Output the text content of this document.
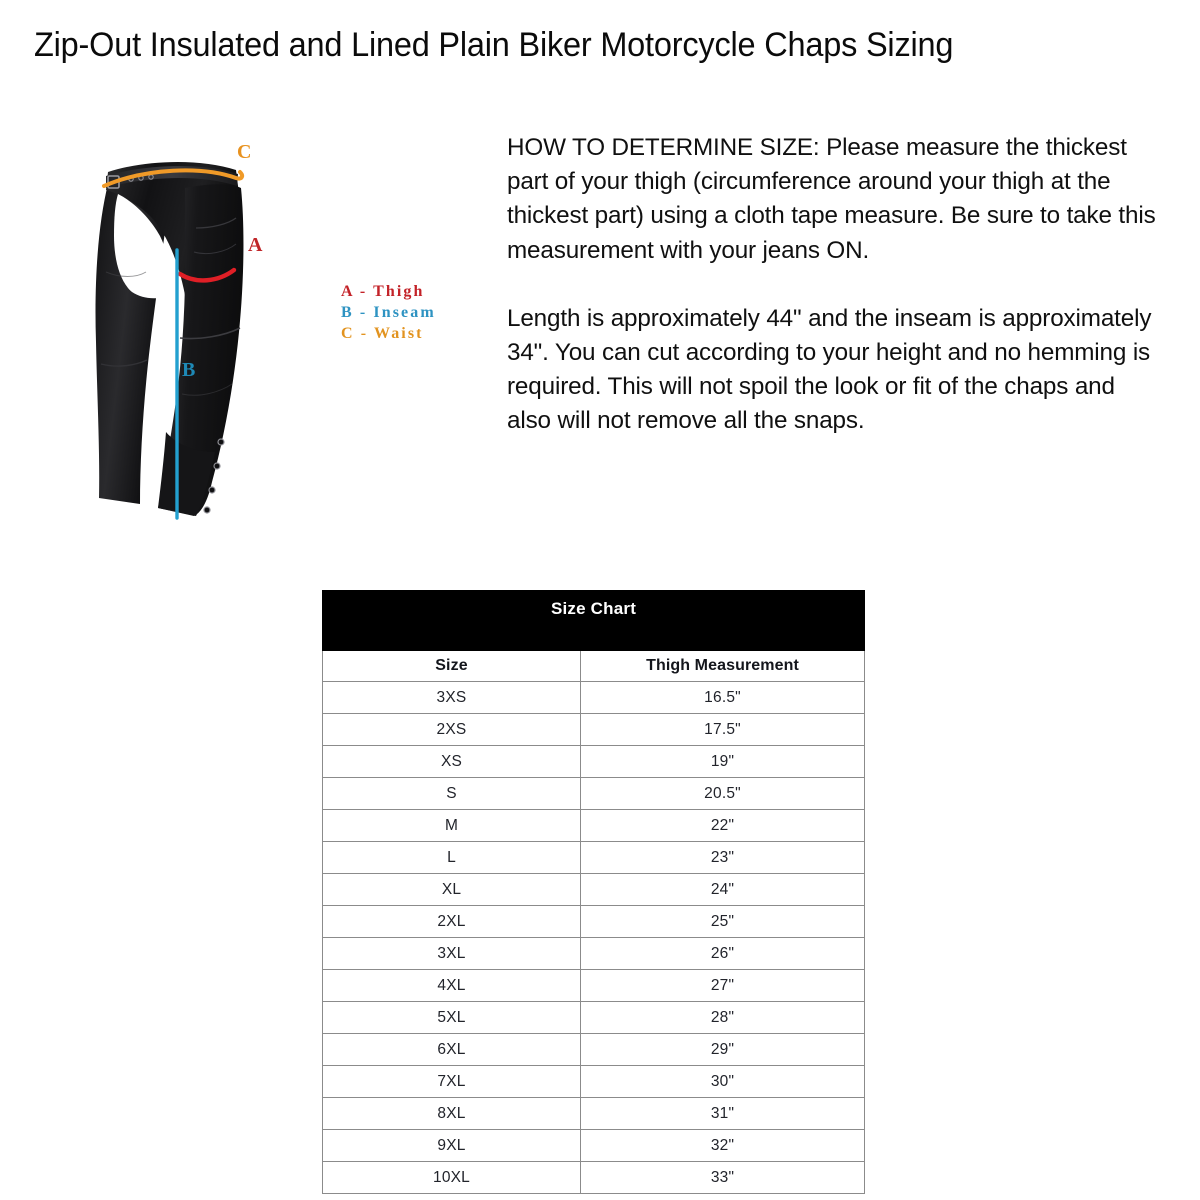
Zip-Out Insulated and Lined Plain Biker Motorcycle Chaps Sizing
C
A
B
A - Thigh
B - Inseam
C - Waist

HOW TO DETERMINE SIZE: Please measure the thickest part of your thigh (circumference around your thigh at the thickest part) using a cloth tape measure. Be sure to take this measurement with your jeans ON.

Length is approximately 44" and the inseam is approximately 34". You can cut according to your height and no hemming is required. This will not spoil the look or fit of the chaps and also will not remove all the snaps.

Size Chart	

Size	Thigh Measurement
3XS	16.5"
2XS	17.5"
XS	19"
S	20.5"
M	22"
L	23"
XL	24"
2XL	25"
3XL	26"
4XL	27"
5XL	28"
6XL	29"
7XL	30"
8XL	31"
9XL	32"
10XL	33"
